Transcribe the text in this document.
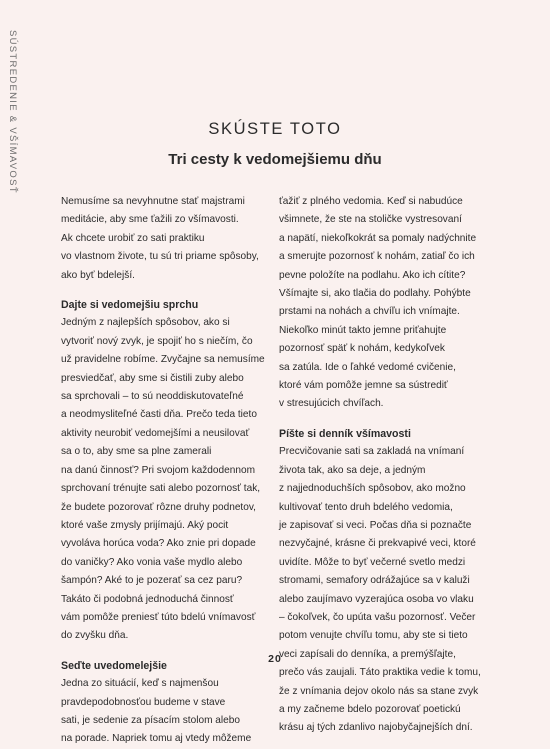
SÚSTREDENIE & VŠÍMAVOSŤ	SKÚSTE TOTO
Tri cesty k vedomejšiemu dňu
Nemusíme sa nevyhnutne stať majstrami
meditácie, aby sme ťažili zo všímavosti.
Ak chcete urobiť zo sati praktiku
vo vlastnom živote, tu sú tri priame spôsoby,
ako byť bdelejší.
Dajte si vedomejšiu sprchu
Jedným z najlepších spôsobov, ako si
vytvoriť nový zvyk, je spojiť ho s niečím, čo
už pravidelne robíme. Zvyčajne sa nemusíme
presviedčať, aby sme si čistili zuby alebo
sa sprchovali – to sú neoddiskutovateľné
a neodmysliteľné časti dňa. Prečo teda tieto
aktivity neurobiť vedomejšími a neusilovať
sa o to, aby sme sa plne zamerali
na danú činnosť? Pri svojom každodennom
sprchovaní trénujte sati alebo pozornosť tak,
že budete pozorovať rôzne druhy podnetov,
ktoré vaše zmysly prijímajú. Aký pocit
vyvoláva horúca voda? Ako znie pri dopade
do vaničky? Ako vonia vaše mydlo alebo
šampón? Aké to je pozerať sa cez paru?
Takáto či podobná jednoduchá činnosť
vám pomôže preniesť túto bdelú vnímavosť
do zvyšku dňa.
Seďte uvedomelejšie
Jedna zo situácií, keď s najmenšou
pravdepodobnosťou budeme v stave
sati, je sedenie za písacím stolom alebo
na porade. Napriek tomu aj vtedy môžeme
ťažiť z plného vedomia. Keď si nabudúce
všimnete, že ste na stoličke vystresovaní
a napätí, niekoľkokrát sa pomaly nadýchnite
a smerujte pozornosť k nohám, zatiaľ čo ich
pevne položíte na podlahu. Ako ich cítite?
Všímajte si, ako tlačia do podlahy. Pohýbte
prstami na nohách a chvíľu ich vnímajte.
Niekoľko minút takto jemne priťahujte
pozornosť späť k nohám, kedykoľvek
sa zatúla. Ide o ľahké vedomé cvičenie,
ktoré vám pomôže jemne sa sústrediť
v stresujúcich chvíľach.
Píšte si denník všímavosti
Precvičovanie sati sa zakladá na vnímaní
života tak, ako sa deje, a jedným
z najjednoduchších spôsobov, ako možno
kultivovať tento druh bdelého vedomia,
je zapisovať si veci. Počas dňa si poznačte
nezvyčajné, krásne či prekvapivé veci, ktoré
uvidíte. Môže to byť večerné svetlo medzi
stromami, semafory odrážajúce sa v kaluži
alebo zaujímavo vyzerajúca osoba vo vlaku
– čokoľvek, čo upúta vašu pozornosť. Večer
potom venujte chvíľu tomu, aby ste si tieto
veci zapísali do denníka, a premýšľajte,
prečo vás zaujali. Táto praktika vedie k tomu,
že z vnímania dejov okolo nás sa stane zvyk
a my začneme bdelo pozorovať poetickú
krásu aj tých zdanlivo najobyčajnejších dní.
20
